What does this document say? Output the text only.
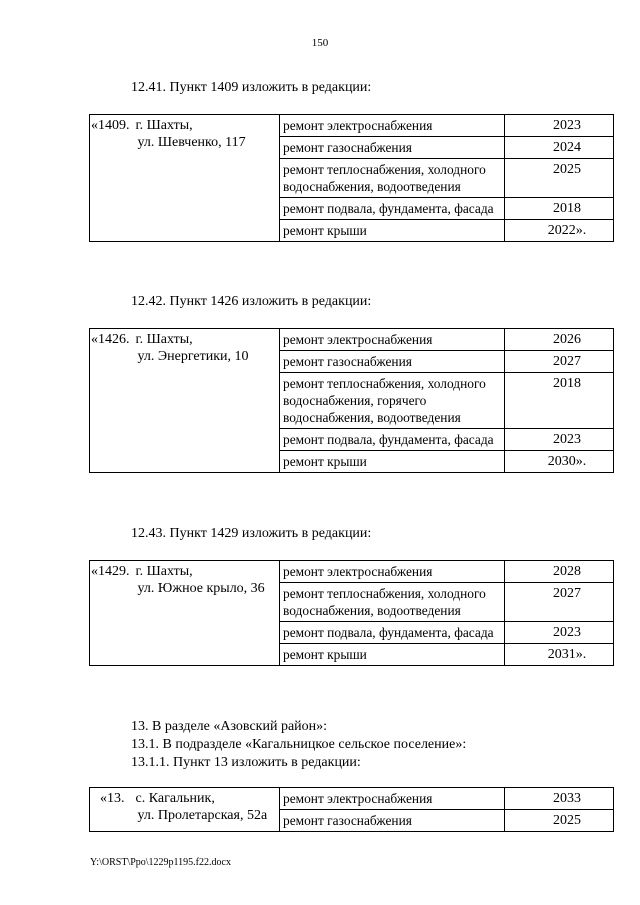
150
12.41. Пункт 1409 изложить в редакции:
«1409.	г. Шахты,
ул. Шевченко, 117	ремонт электроснабжения	2023
		ремонт газоснабжения	2024
		ремонт теплоснабжения, холодного водоснабжения, водоотведения	2025
		ремонт подвала, фундамента, фасада	2018
		ремонт крыши	2022».
12.42. Пункт 1426 изложить в редакции:
«1426.	г. Шахты,
ул. Энергетики, 10	ремонт электроснабжения	2026
		ремонт газоснабжения	2027
		ремонт теплоснабжения, холодного водоснабжения, горячего водоснабжения, водоотведения	2018
		ремонт подвала, фундамента, фасада	2023
		ремонт крыши	2030».
12.43. Пункт 1429 изложить в редакции:
«1429.	г. Шахты,
ул. Южное крыло, 36	ремонт электроснабжения	2028
		ремонт теплоснабжения, холодного водоснабжения, водоотведения	2027
		ремонт подвала, фундамента, фасада	2023
		ремонт крыши	2031».
13. В разделе «Азовский район»:
13.1. В подразделе «Кагальницкое сельское поселение»:
13.1.1. Пункт 13 изложить в редакции:
«13.	с. Кагальник,
ул. Пролетарская, 52а	ремонт электроснабжения	2033
		ремонт газоснабжения	2025
Y:\ORST\Ppo\1229p1195.f22.docx
